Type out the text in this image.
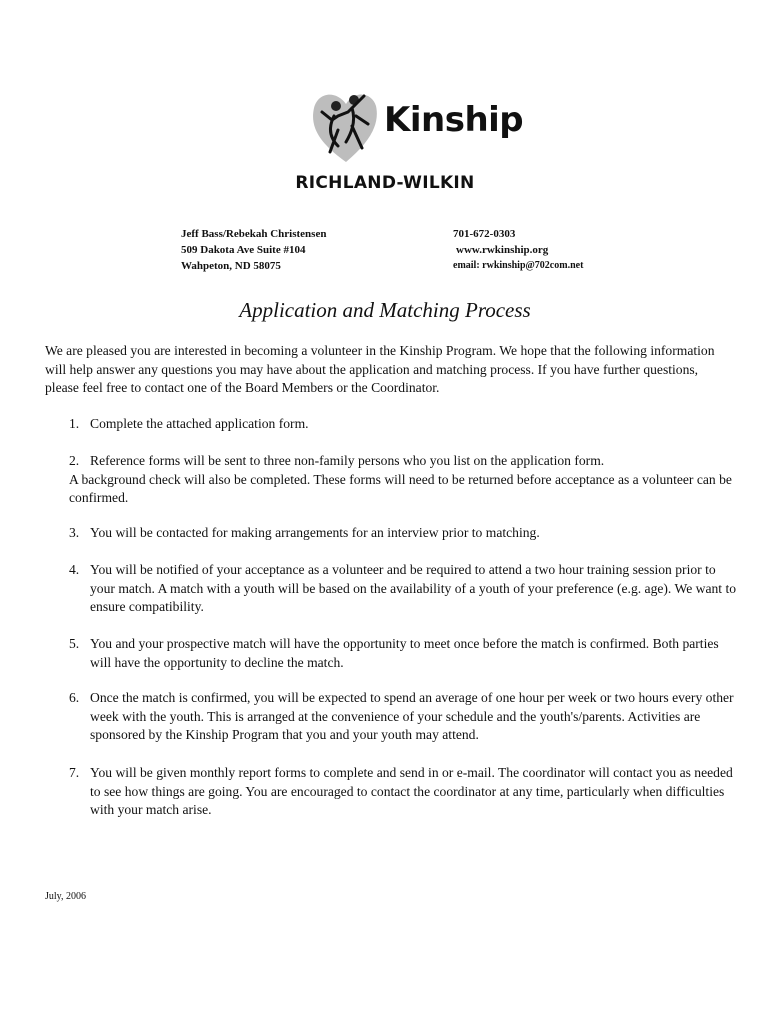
Kinship
RICHLAND-WILKIN
Jeff Bass/Rebekah Christensen
509 Dakota Ave Suite #104
Wahpeton, ND 58075
701-672-0303
www.rwkinship.org
email: rwkinship@702com.net
Application and Matching Process
We are pleased you are interested in becoming a volunteer in the Kinship Program. We hope that the following information will help answer any questions you may have about the application and matching process. If you have further questions, please feel free to contact one of the Board Members or the Coordinator.
1. Complete the attached application form.
2. Reference forms will be sent to three non-family persons who you list on the application form.
A background check will also be completed. These forms will need to be returned before acceptance as a volunteer can be confirmed.
3. You will be contacted for making arrangements for an interview prior to matching.
4. You will be notified of your acceptance as a volunteer and be required to attend a two hour training session prior to your match. A match with a youth will be based on the availability of a youth of your preference (e.g. age). We want to ensure compatibility.
5. You and your prospective match will have the opportunity to meet once before the match is confirmed. Both parties will have the opportunity to decline the match.
6. Once the match is confirmed, you will be expected to spend an average of one hour per week or two hours every other week with the youth. This is arranged at the convenience of your schedule and the youth's/parents. Activities are sponsored by the Kinship Program that you and your youth may attend.
7. You will be given monthly report forms to complete and send in or e-mail. The coordinator will contact you as needed to see how things are going. You are encouraged to contact the coordinator at any time, particularly when difficulties with your match arise.
July, 2006
